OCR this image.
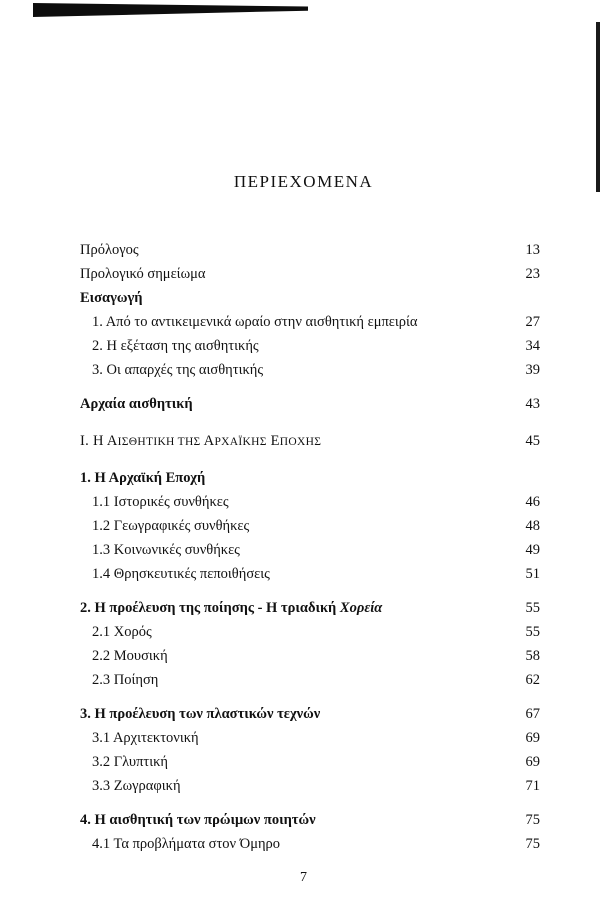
ΠΕΡΙΕΧΟΜΕΝΑ
Πρόλογος	13
Προλογικό σημείωμα	23
Εισαγωγή
1. Από το αντικειμενικά ωραίο στην αισθητική εμπειρία	27
2. Η εξέταση της αισθητικής	34
3. Οι απαρχές της αισθητικής	39
Αρχαία αισθητική	43
Ι. Η ΑΙΣΘΗΤΙΚΗ ΤΗΣ ΑΡΧΑΪΚΗΣ ΕΠΟΧΗΣ	45
1. Η Αρχαϊκή Εποχή
1.1 Ιστορικές συνθήκες	46
1.2 Γεωγραφικές συνθήκες	48
1.3 Κοινωνικές συνθήκες	49
1.4 Θρησκευτικές πεποιθήσεις	51
2. Η προέλευση της ποίησης - Η τριαδική Χορεία	55
2.1 Χορός	55
2.2 Μουσική	58
2.3 Ποίηση	62
3. Η προέλευση των πλαστικών τεχνών	67
3.1 Αρχιτεκτονική	69
3.2 Γλυπτική	69
3.3 Ζωγραφική	71
4. Η αισθητική των πρώιμων ποιητών	75
4.1 Τα προβλήματα στον Όμηρο	75
7
